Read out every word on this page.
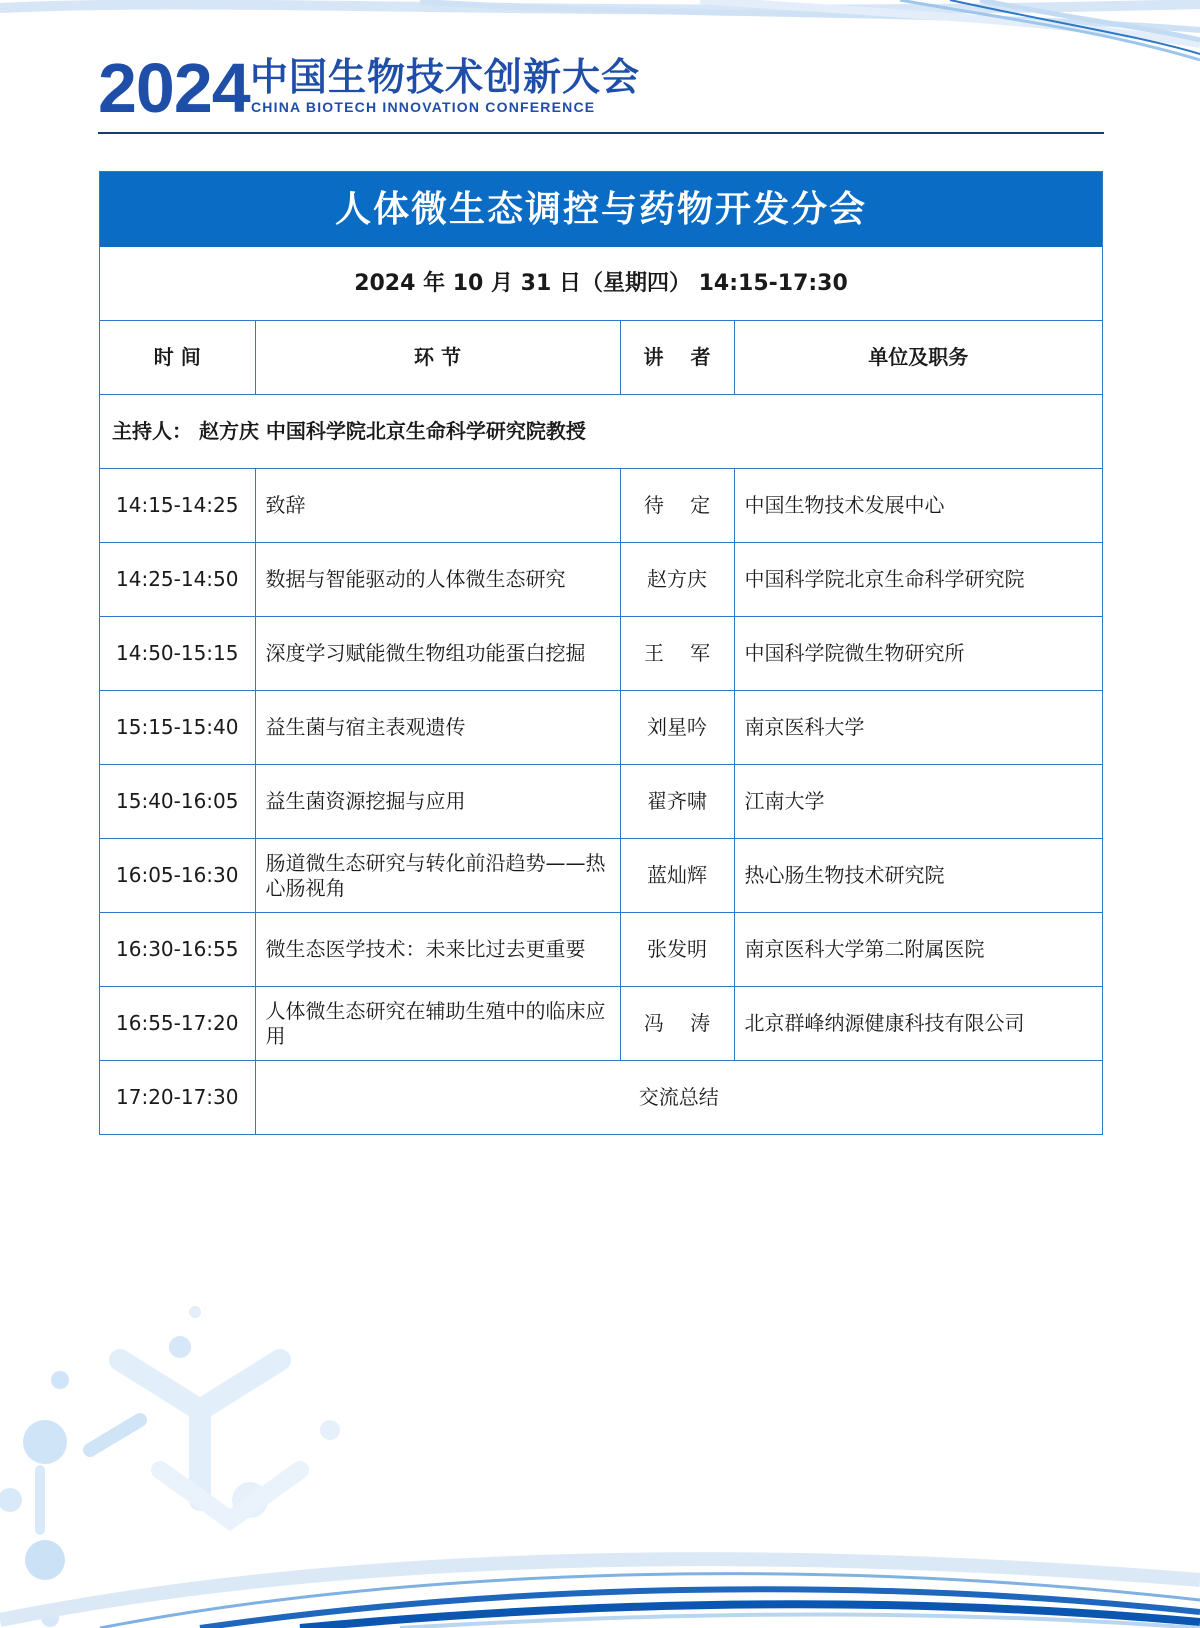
2024 中国生物技术创新大会
CHINA BIOTECH INNOVATION CONFERENCE
人体微生态调控与药物开发分会
2024 年 10 月 31 日（星期四） 14:15-17:30			
时 间	环 节	讲　 者	单位及职务
主持人： 赵方庆 中国科学院北京生命科学研究院教授			
14:15-14:25	致辞	待　 定	中国生物技术发展中心
14:25-14:50	数据与智能驱动的人体微生态研究	赵方庆	中国科学院北京生命科学研究院
14:50-15:15	深度学习赋能微生物组功能蛋白挖掘	王　 军	中国科学院微生物研究所
15:15-15:40	益生菌与宿主表观遗传	刘星吟	南京医科大学
15:40-16:05	益生菌资源挖掘与应用	翟齐啸	江南大学
16:05-16:30	肠道微生态研究与转化前沿趋势——热心肠视角	蓝灿辉	热心肠生物技术研究院
16:30-16:55	微生态医学技术：未来比过去更重要	张发明	南京医科大学第二附属医院
16:55-17:20	人体微生态研究在辅助生殖中的临床应用	冯　 涛	北京群峰纳源健康科技有限公司
17:20-17:30	交流总结		
